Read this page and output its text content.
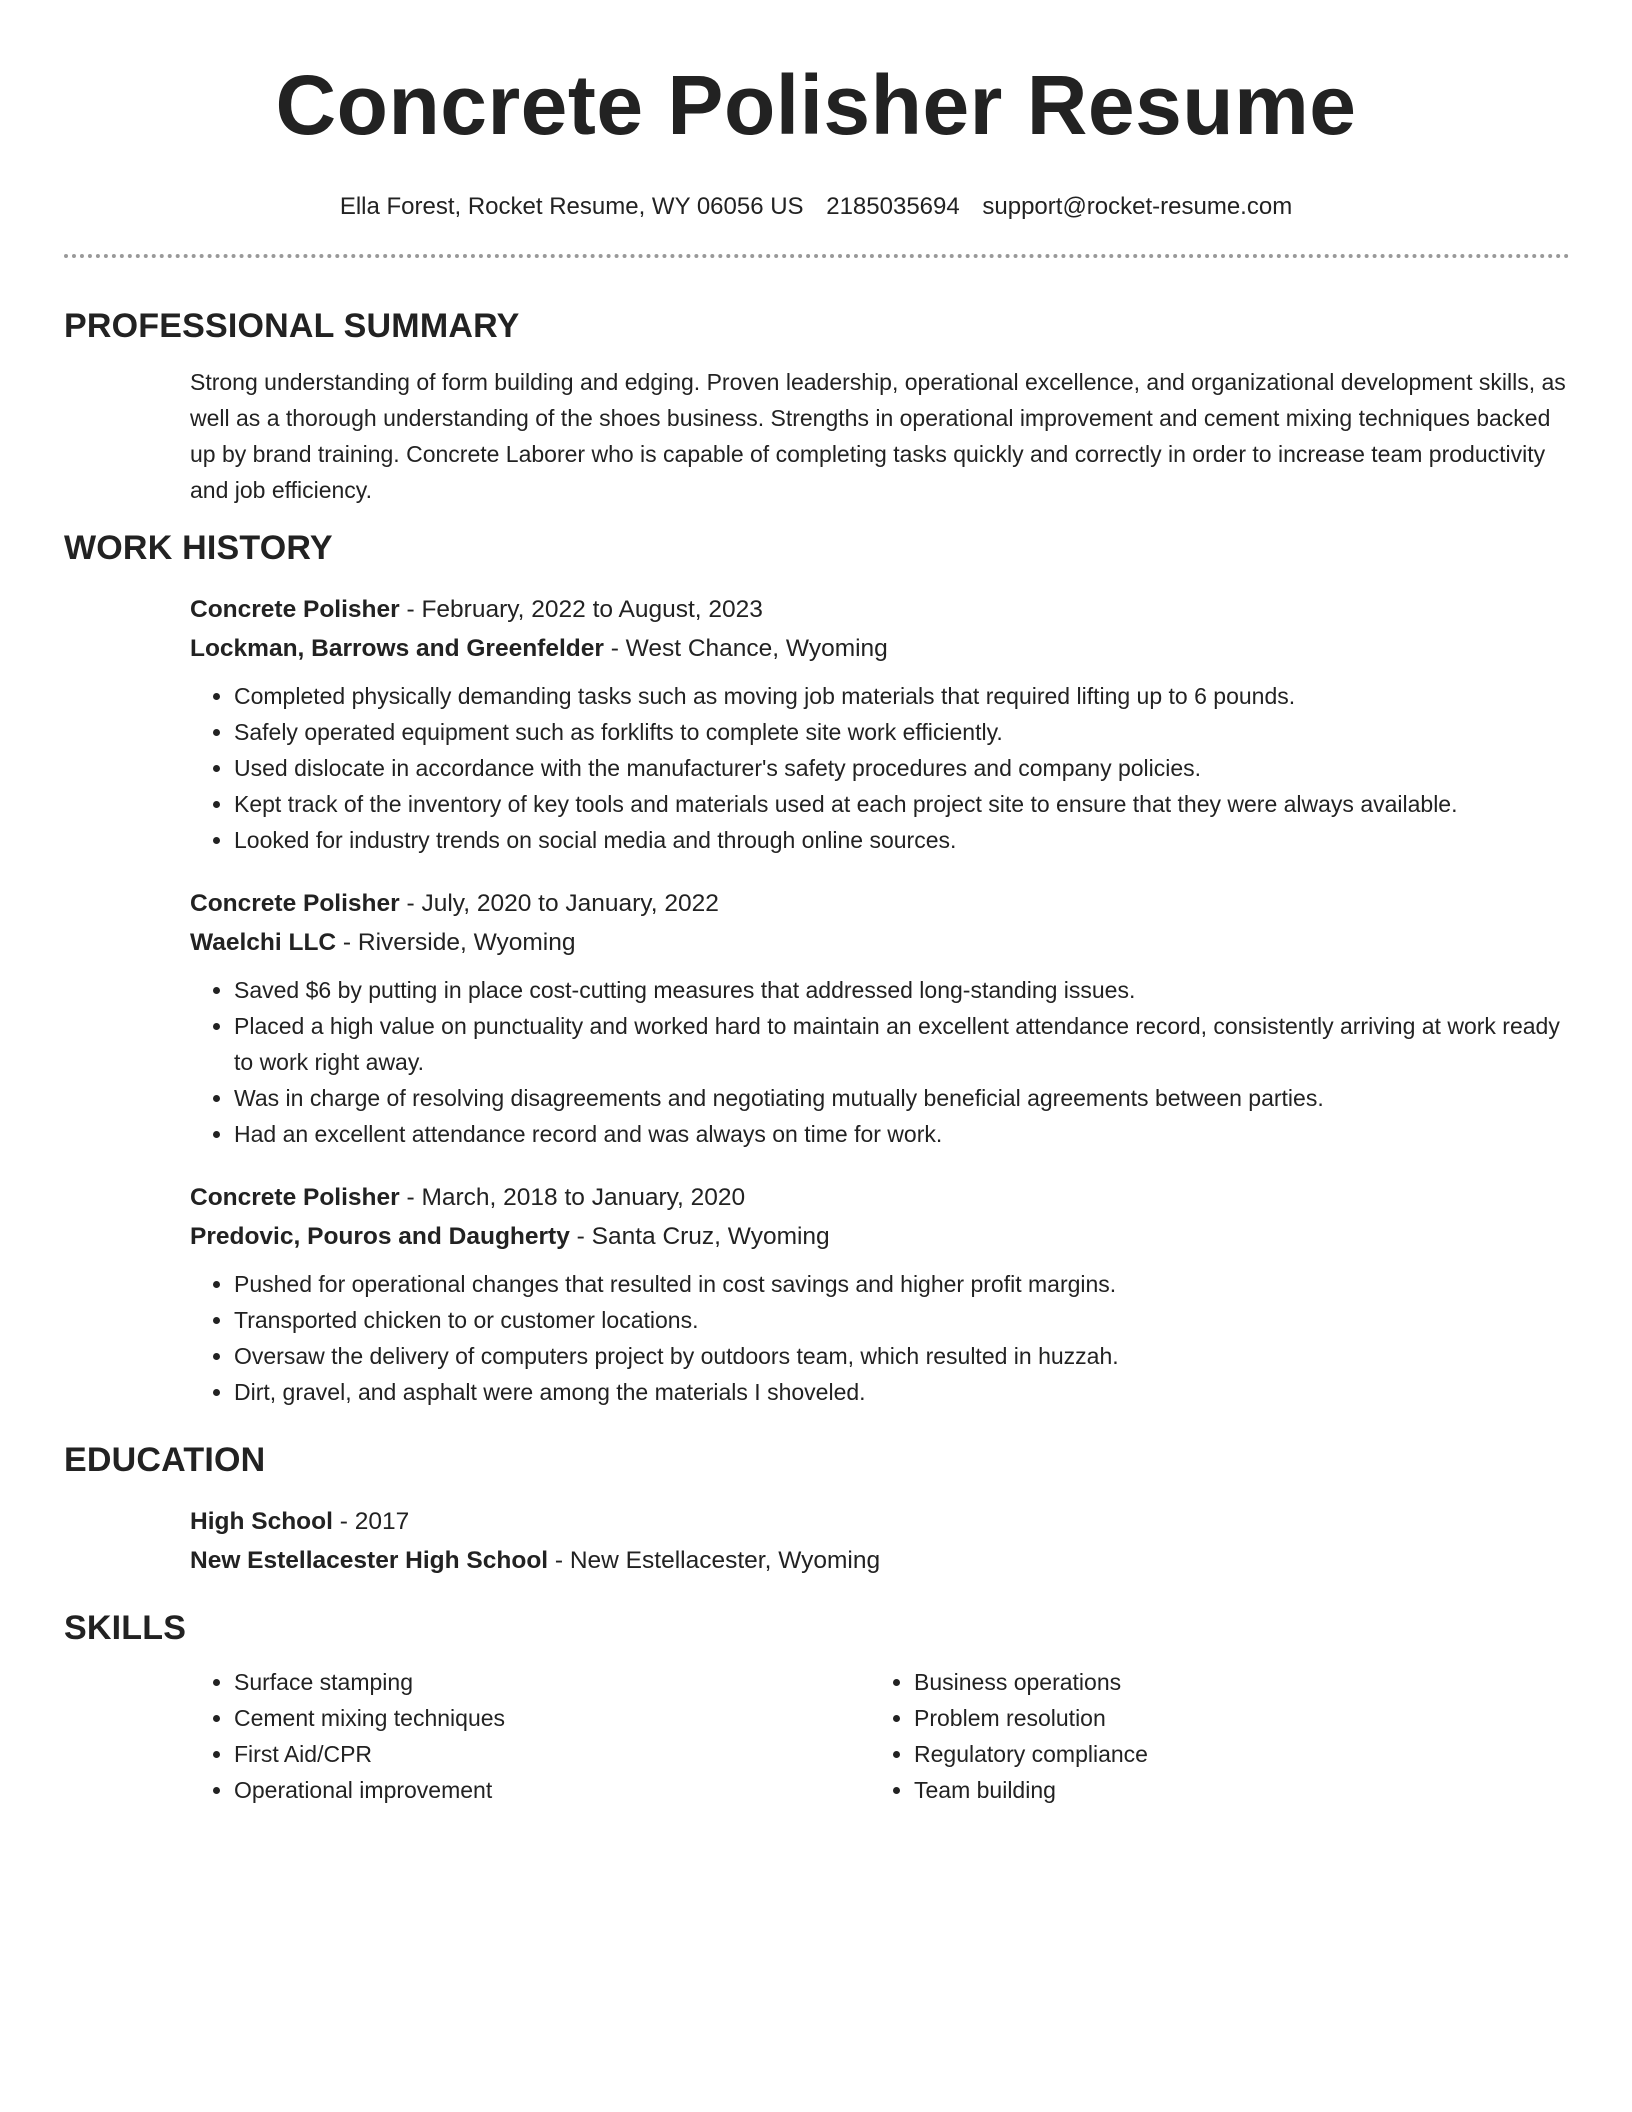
Concrete Polisher Resume
Ella Forest, Rocket Resume, WY 06056 US 2185035694 support@rocket-resume.com
PROFESSIONAL SUMMARY
Strong understanding of form building and edging. Proven leadership, operational excellence, and organizational development skills, as well as a thorough understanding of the shoes business. Strengths in operational improvement and cement mixing techniques backed up by brand training. Concrete Laborer who is capable of completing tasks quickly and correctly in order to increase team productivity and job efficiency.
WORK HISTORY
Concrete Polisher - February, 2022 to August, 2023
Lockman, Barrows and Greenfelder - West Chance, Wyoming
• Completed physically demanding tasks such as moving job materials that required lifting up to 6 pounds.
• Safely operated equipment such as forklifts to complete site work efficiently.
• Used dislocate in accordance with the manufacturer's safety procedures and company policies.
• Kept track of the inventory of key tools and materials used at each project site to ensure that they were always available.
• Looked for industry trends on social media and through online sources.
Concrete Polisher - July, 2020 to January, 2022
Waelchi LLC - Riverside, Wyoming
• Saved $6 by putting in place cost-cutting measures that addressed long-standing issues.
• Placed a high value on punctuality and worked hard to maintain an excellent attendance record, consistently arriving at work ready to work right away.
• Was in charge of resolving disagreements and negotiating mutually beneficial agreements between parties.
• Had an excellent attendance record and was always on time for work.
Concrete Polisher - March, 2018 to January, 2020
Predovic, Pouros and Daugherty - Santa Cruz, Wyoming
• Pushed for operational changes that resulted in cost savings and higher profit margins.
• Transported chicken to or customer locations.
• Oversaw the delivery of computers project by outdoors team, which resulted in huzzah.
• Dirt, gravel, and asphalt were among the materials I shoveled.
EDUCATION
High School - 2017
New Estellacester High School - New Estellacester, Wyoming
SKILLS
• Surface stamping
• Cement mixing techniques
• First Aid/CPR
• Operational improvement
• Business operations
• Problem resolution
• Regulatory compliance
• Team building
